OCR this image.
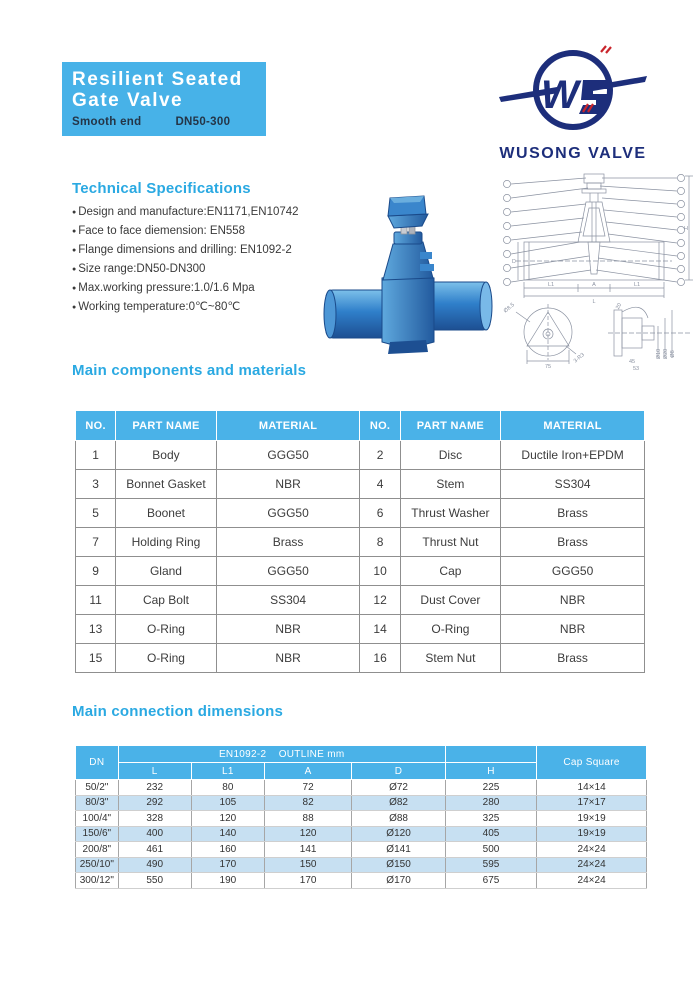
Resilient Seated
Gate Valve
Smooth end	DN50-300
W
WUSONG VALVE
Technical Specifications
● Design and manufacture:EN1171,EN10742
● Face to face diemension: EN558
● Flange dimensions and drilling: EN1092-2
● Size range:DN50-DN300
● Max.working pressure:1.0/1.6 Mpa
● Working temperature:0℃~80℃
L1	A	L1
L
H
D
75
Ø8.5
3-R3
20
45
53
Ø10 Ø20 Ø8
Main components and materials
NO.	PART NAME	MATERIAL	NO.	PART NAME	MATERIAL
1	Body	GGG50	2	Disc	Ductile Iron+EPDM
3	Bonnet Gasket	NBR	4	Stem	SS304
5	Boonet	GGG50	6	Thrust Washer	Brass
7	Holding Ring	Brass	8	Thrust Nut	Brass
9	Gland	GGG50	10	Cap	GGG50
11	Cap Bolt	SS304	12	Dust Cover	NBR
13	O-Ring	NBR	14	O-Ring	NBR
15	O-Ring	NBR	16	Stem Nut	Brass
Main connection dimensions
DN	EN1092-2    OUTLINE mm					Cap Square
	L	L1	A	D	H	
50/2"	232	80	72	Ø72	225	14×14
80/3"	292	105	82	Ø82	280	17×17
100/4"	328	120	88	Ø88	325	19×19
150/6"	400	140	120	Ø120	405	19×19
200/8"	461	160	141	Ø141	500	24×24
250/10"	490	170	150	Ø150	595	24×24
300/12"	550	190	170	Ø170	675	24×24
